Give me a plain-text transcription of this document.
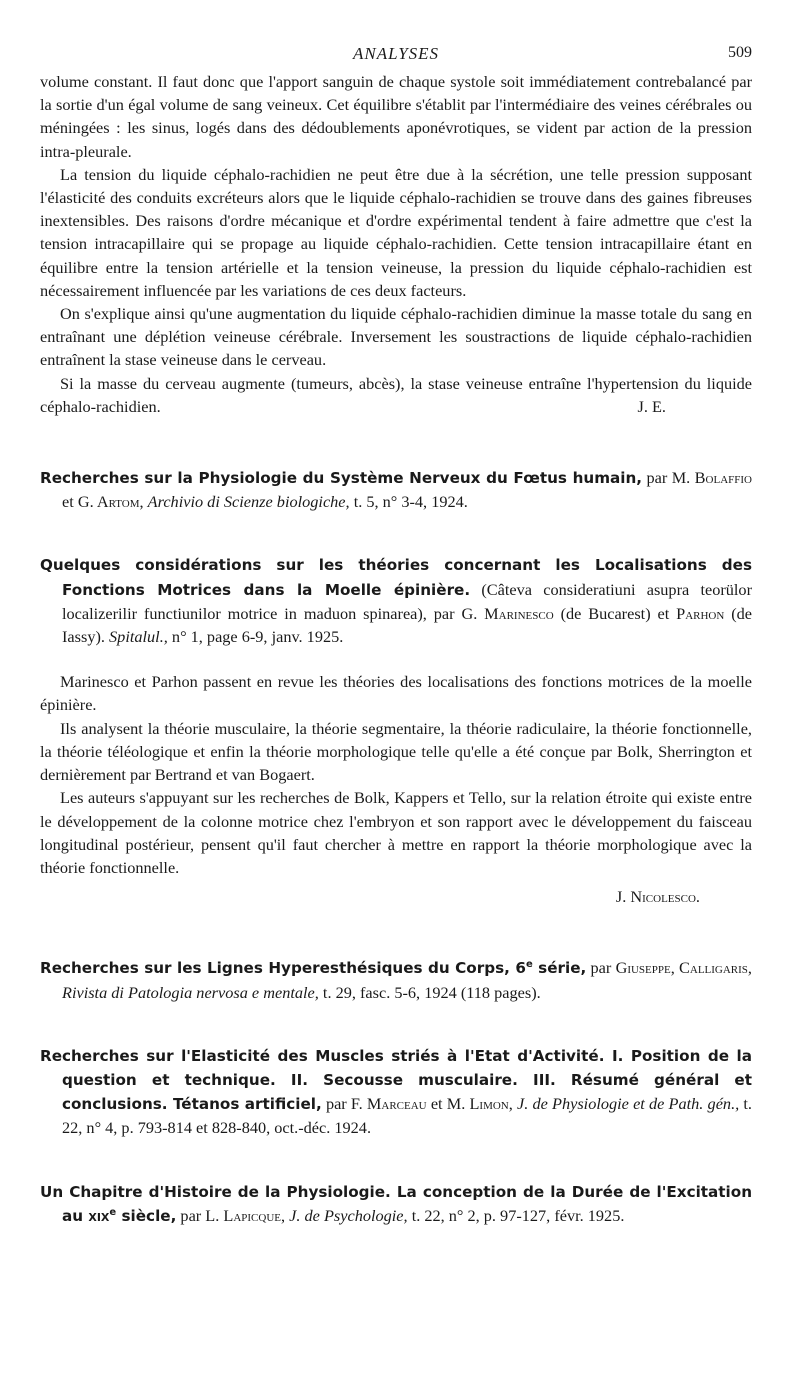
ANALYSES	509

volume constant. Il faut donc que l'apport sanguin de chaque systole soit immédiatement contrebalancé par la sortie d'un égal volume de sang veineux. Cet équilibre s'établit par l'intermédiaire des veines cérébrales ou méningées : les sinus, logés dans des dédoublements aponévrotiques, se vident par action de la pression intra-pleurale.

La tension du liquide céphalo-rachidien ne peut être due à la sécrétion, une telle pression supposant l'élasticité des conduits excréteurs alors que le liquide céphalo-rachidien se trouve dans des gaines fibreuses inextensibles. Des raisons d'ordre mécanique et d'ordre expérimental tendent à faire admettre que c'est la tension intracapillaire qui se propage au liquide céphalo-rachidien. Cette tension intracapillaire étant en équilibre entre la tension artérielle et la tension veineuse, la pression du liquide céphalo-rachidien est nécessairement influencée par les variations de ces deux facteurs.

On s'explique ainsi qu'une augmentation du liquide céphalo-rachidien diminue la masse totale du sang en entraînant une déplétion veineuse cérébrale. Inversement les soustractions de liquide céphalo-rachidien entraînent la stase veineuse dans le cerveau.

Si la masse du cerveau augmente (tumeurs, abcès), la stase veineuse entraîne l'hypertension du liquide céphalo-rachidien.	J. E.

Recherches sur la Physiologie du Système Nerveux du Fœtus humain, par M. Bolaffio et G. Artom, Archivio di Scienze biologiche, t. 5, n° 3-4, 1924.

Quelques considérations sur les théories concernant les Localisations des Fonctions Motrices dans la Moelle épinière. (Câteva consideratiuni asupra teorülor localizerilir functiunilor motrice in maduon spinarea), par G. Marinesco (de Bucarest) et Parhon (de Iassy). Spitalul., n° 1, page 6-9, janv. 1925.

Marinesco et Parhon passent en revue les théories des localisations des fonctions motrices de la moelle épinière.

Ils analysent la théorie musculaire, la théorie segmentaire, la théorie radiculaire, la théorie fonctionnelle, la théorie téléologique et enfin la théorie morphologique telle qu'elle a été conçue par Bolk, Sherrington et dernièrement par Bertrand et van Bogaert.

Les auteurs s'appuyant sur les recherches de Bolk, Kappers et Tello, sur la relation étroite qui existe entre le développement de la colonne motrice chez l'embryon et son rapport avec le développement du faisceau longitudinal postérieur, pensent qu'il faut chercher à mettre en rapport la théorie morphologique avec la théorie fonctionnelle.

J. Nicolesco.

Recherches sur les Lignes Hyperesthésiques du Corps, 6e série, par Giuseppe, Calligaris, Rivista di Patologia nervosa e mentale, t. 29, fasc. 5-6, 1924 (118 pages).

Recherches sur l'Elasticité des Muscles striés à l'Etat d'Activité. I. Position de la question et technique. II. Secousse musculaire. III. Résumé général et conclusions. Tétanos artificiel, par F. Marceau et M. Limon, J. de Physiologie et de Path. gén., t. 22, n° 4, p. 793-814 et 828-840, oct.-déc. 1924.

Un Chapitre d'Histoire de la Physiologie. La conception de la Durée de l'Excitation au xix$^e$ siècle, par L. Lapicque, J. de Psychologie, t. 22, n° 2, p. 97-127, févr. 1925.
